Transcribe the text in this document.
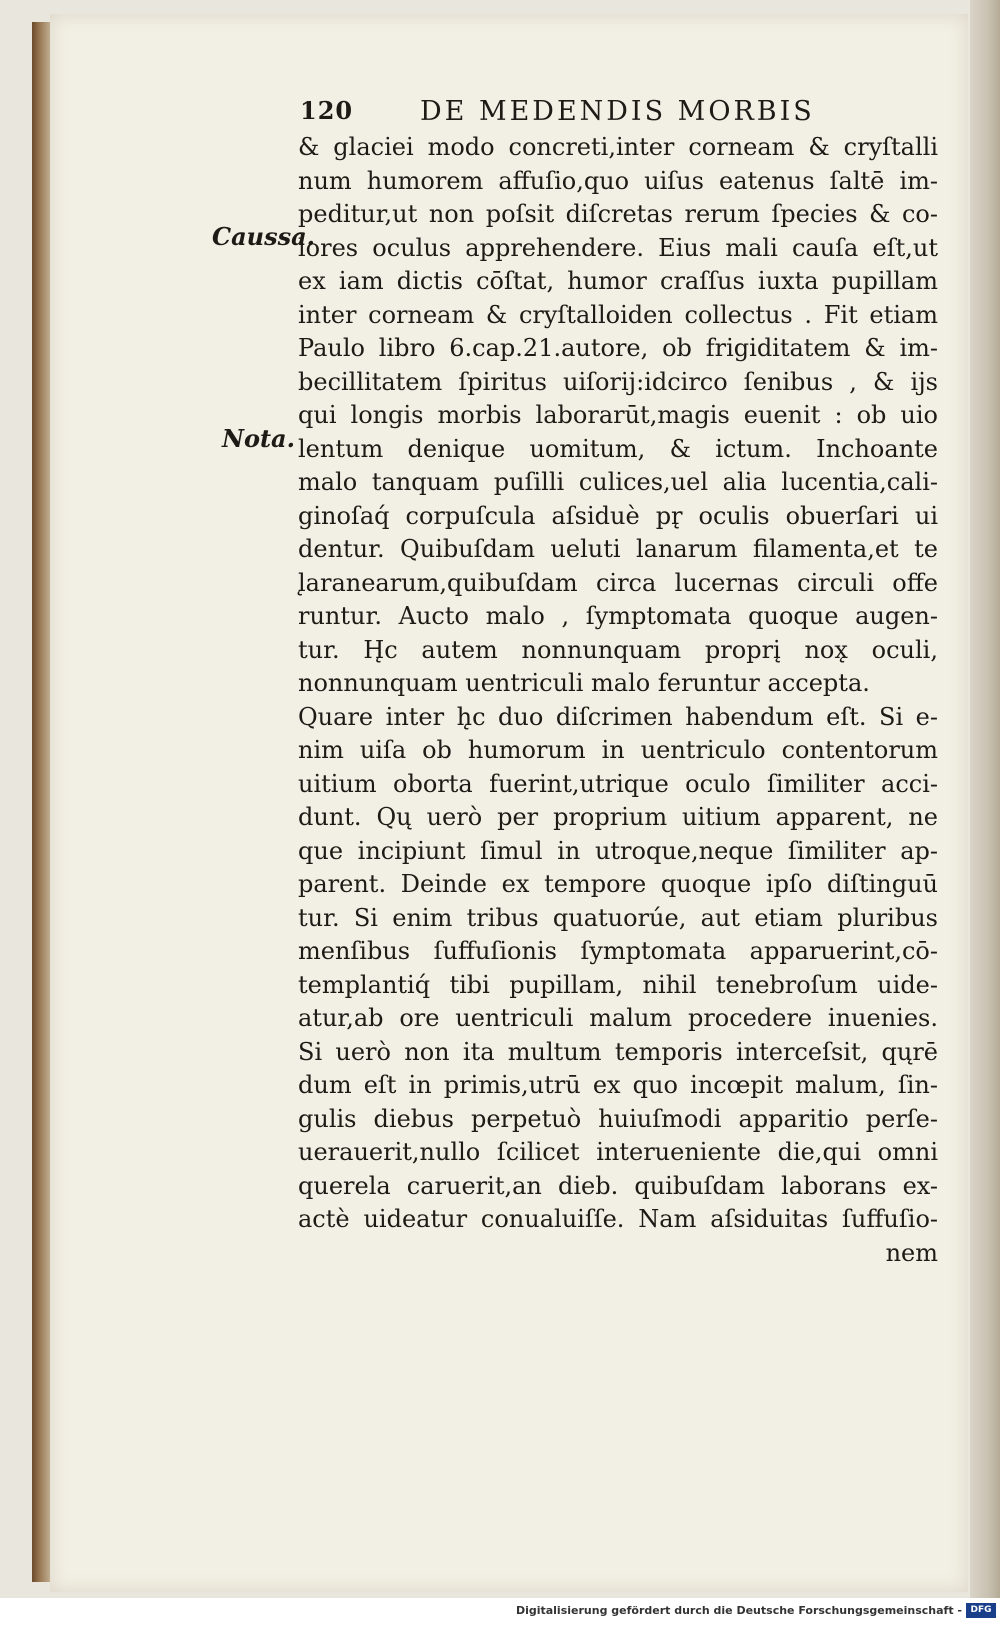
120 DE MEDENDIS MORBIS
Caussa.
Nota.
& glaciei modo concreti,inter corneam & cryſtalli
num humorem affuſio,quo uiſus eatenus ſaltē im-
peditur,ut non poſsit diſcretas rerum ſpecies & co-
lores oculus apprehendere. Eius mali cauſa eſt,ut
ex iam dictis cōſtat, humor craſſus iuxta pupillam
inter corneam & cryſtalloiden collectus . Fit etiam
Paulo libro 6.cap.21.autore, ob frigiditatem & im-
becillitatem ſpiritus uiſorij:idcirco ſenibus , & ijs
qui longis morbis laborarūt,magis euenit : ob uio
lentum denique uomitum, & ictum. Inchoante
malo tanquam puſilli culices,uel alia lucentia,cali-
ginoſaq́ corpuſcula aſsiduè pr̨ oculis obuerſari ui
dentur. Quibuſdam ueluti lanarum filamenta,et te
l̨aranearum,quibuſdam circa lucernas circuli offe
runtur. Aucto malo , ſymptomata quoque augen-
tur. H̨c autem nonnunquam proprį nox̨ oculi,
nonnunquam uentriculi malo feruntur accepta.
Quare inter h̨c duo diſcrimen habendum eſt. Si e-
nim uiſa ob humorum in uentriculo contentorum
uitium oborta fuerint,utrique oculo ſimiliter acci-
dunt. Qų uerò per proprium uitium apparent, ne
que incipiunt ſimul in utroque,neque ſimiliter ap-
parent. Deinde ex tempore quoque ipſo diſtinguū
tur. Si enim tribus quatuorúe, aut etiam pluribus
menſibus ſuffuſionis ſymptomata apparuerint,cō-
templantiq́ tibi pupillam, nihil tenebroſum uide-
atur,ab ore uentriculi malum procedere inuenies.
Si uerò non ita multum temporis interceſsit, qųrē
dum eſt in primis,utrū ex quo incœpit malum, ſin-
gulis diebus perpetuò huiuſmodi apparitio perſe-
uerauerit,nullo ſcilicet interueniente die,qui omni
querela caruerit,an dieb. quibuſdam laborans ex-
actè uideatur conualuiſſe. Nam aſsiduitas ſuffuſio-
nem
Digitalisierung gefördert durch die Deutsche Forschungsgemeinschaft - DFG
